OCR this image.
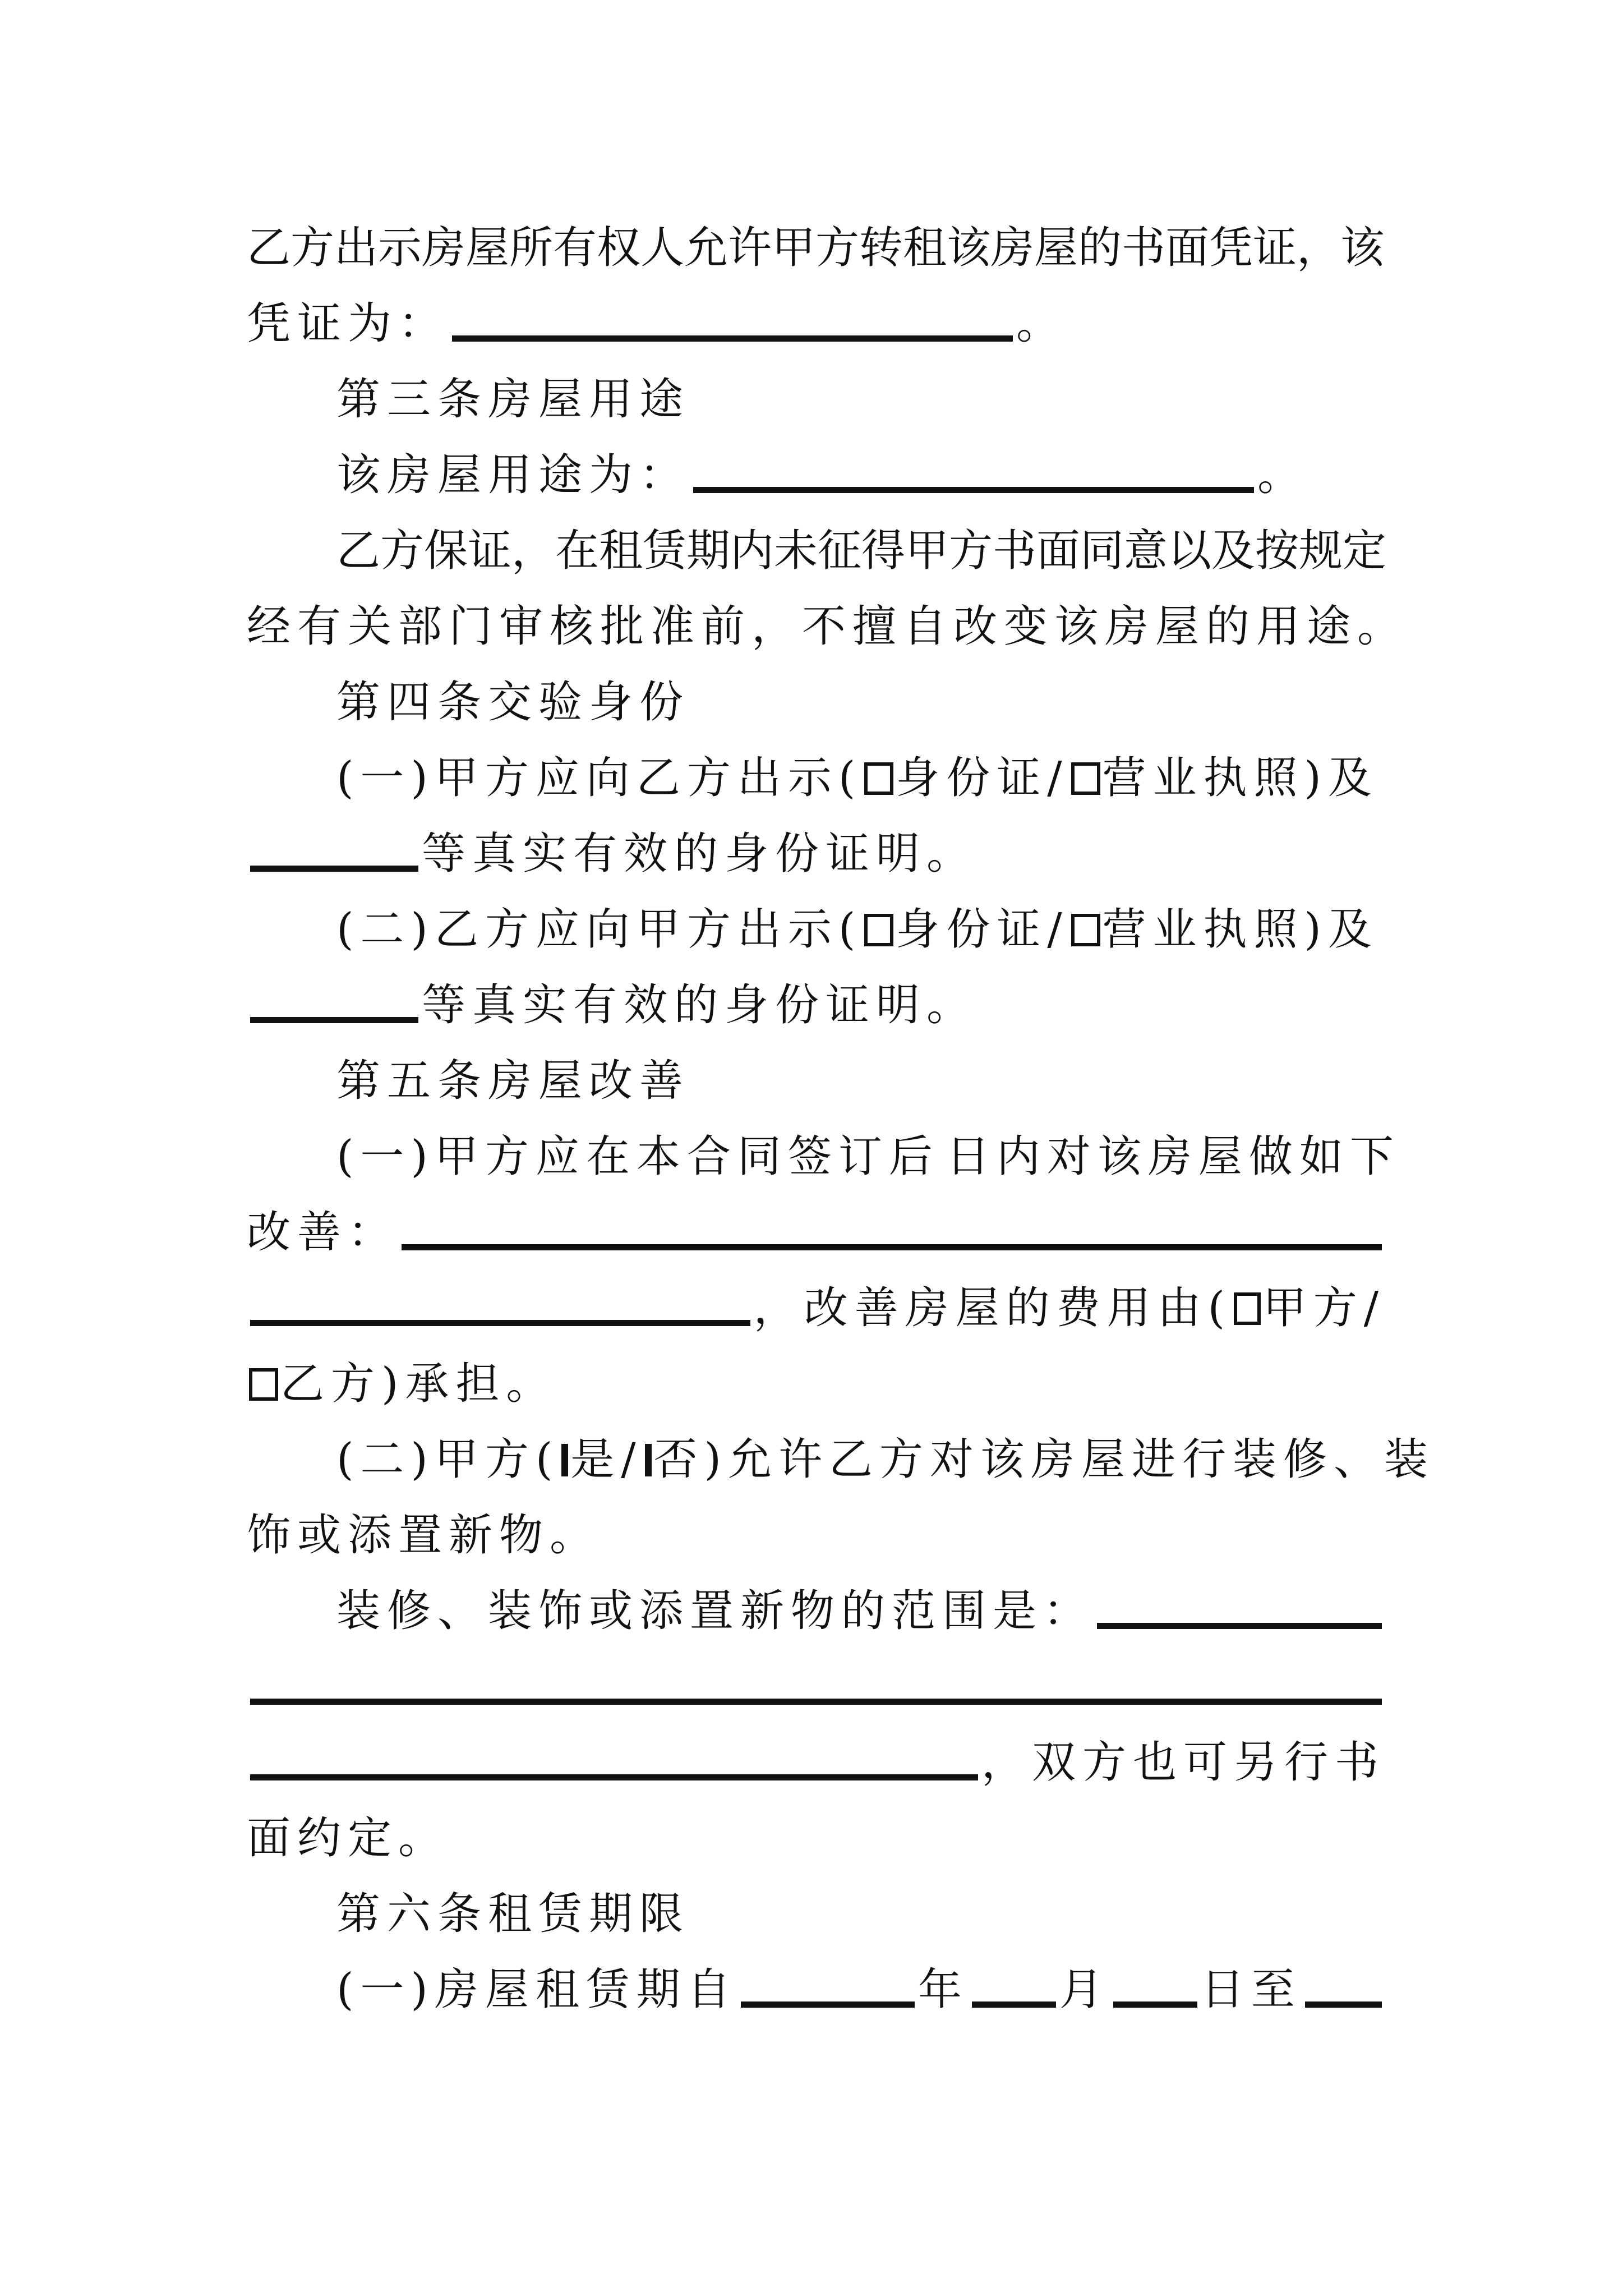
乙方出示房屋所有权人允许甲方转租该房屋的书面凭证，该
凭证为：	。
第三条房屋用途
该房屋用途为：	。
乙方保证，在租赁期内未征得甲方书面同意以及按规定
经有关部门审核批准前，不擅自改变该房屋的用途。
第四条交验身份
(一)甲方应向乙方出示( 身份证/ 营业执照)及
等真实有效的身份证明。
(二)乙方应向甲方出示( 身份证/ 营业执照)及
等真实有效的身份证明。
第五条房屋改善
(一)甲方应在本合同签订后 日内对该房屋做如下
改善：
，改善房屋的费用由( 甲方/
乙方)承担。
(二)甲方( 是/ 否)允许乙方对该房屋进行装修、装
饰或添置新物。
装修、装饰或添置新物的范围是：
，双方也可另行书
面约定。
第六条租赁期限
(一)房屋租赁期自	年 月 日至
